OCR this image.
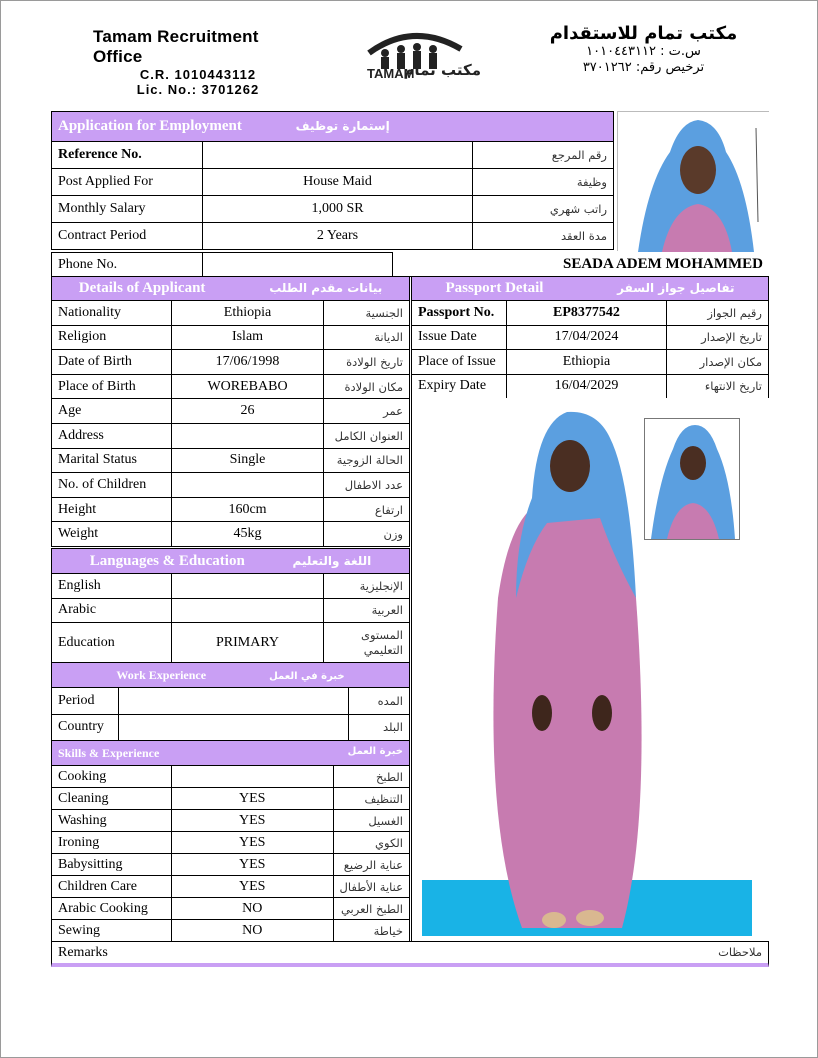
Tamam Recruitment Office
C.R. 1010443112
Lic. No.: 3701262
TAMAM
مكتب تمام
مكتب تمام للاستقدام
س.ت : ١٠١٠٤٤٣١١٢
ترخيص رقم: ٣٧٠١٢٦٢
Application for Employment إستمارة توظيف		
Reference No.		رقم المرجع
Post Applied For	House Maid	وظيفة
Monthly Salary	1,000 SR	راتب شهري
Contract Period	2 Years	مدة العقد
Phone No.		SEADA ADEM MOHAMMED
Details of Applicant بيانات مقدم الطلب		
Nationality	Ethiopia	الجنسية
Religion	Islam	الديانة
Date of Birth	17/06/1998	تاريخ الولادة
Place of Birth	WOREBABO	مكان الولادة
Age	26	عمر
Address		العنوان الكامل
Marital Status	Single	الحالة الزوجية
No. of Children		عدد الاطفال
Height	160cm	ارتفاع
Weight	45kg	وزن
Passport Detail تفاصيل جواز السفر		
Passport No.	EP8377542	رقيم الجواز
Issue Date	17/04/2024	تاريخ الإصدار
Place of Issue	Ethiopia	مكان الإصدار
Expiry Date	16/04/2029	تاريخ الانتهاء
Languages & Education اللغة والتعليم		
English		الإنجليزية
Arabic		العربية
Education	PRIMARY	المستوى التعليمي
Work Experience خبرة في العمل		
Period		المده
Country		البلد
Skills & Experience خبرة العمل		

Cooking		الطبخ
Cleaning	YES	التنظيف
Washing	YES	الغسيل
Ironing	YES	الكوي
Babysitting	YES	عناية الرضيع
Children Care	YES	عناية الأطفال
Arabic Cooking	NO	الطبخ العربي
Sewing	NO	خياطة
Remarks	ملاحظات
